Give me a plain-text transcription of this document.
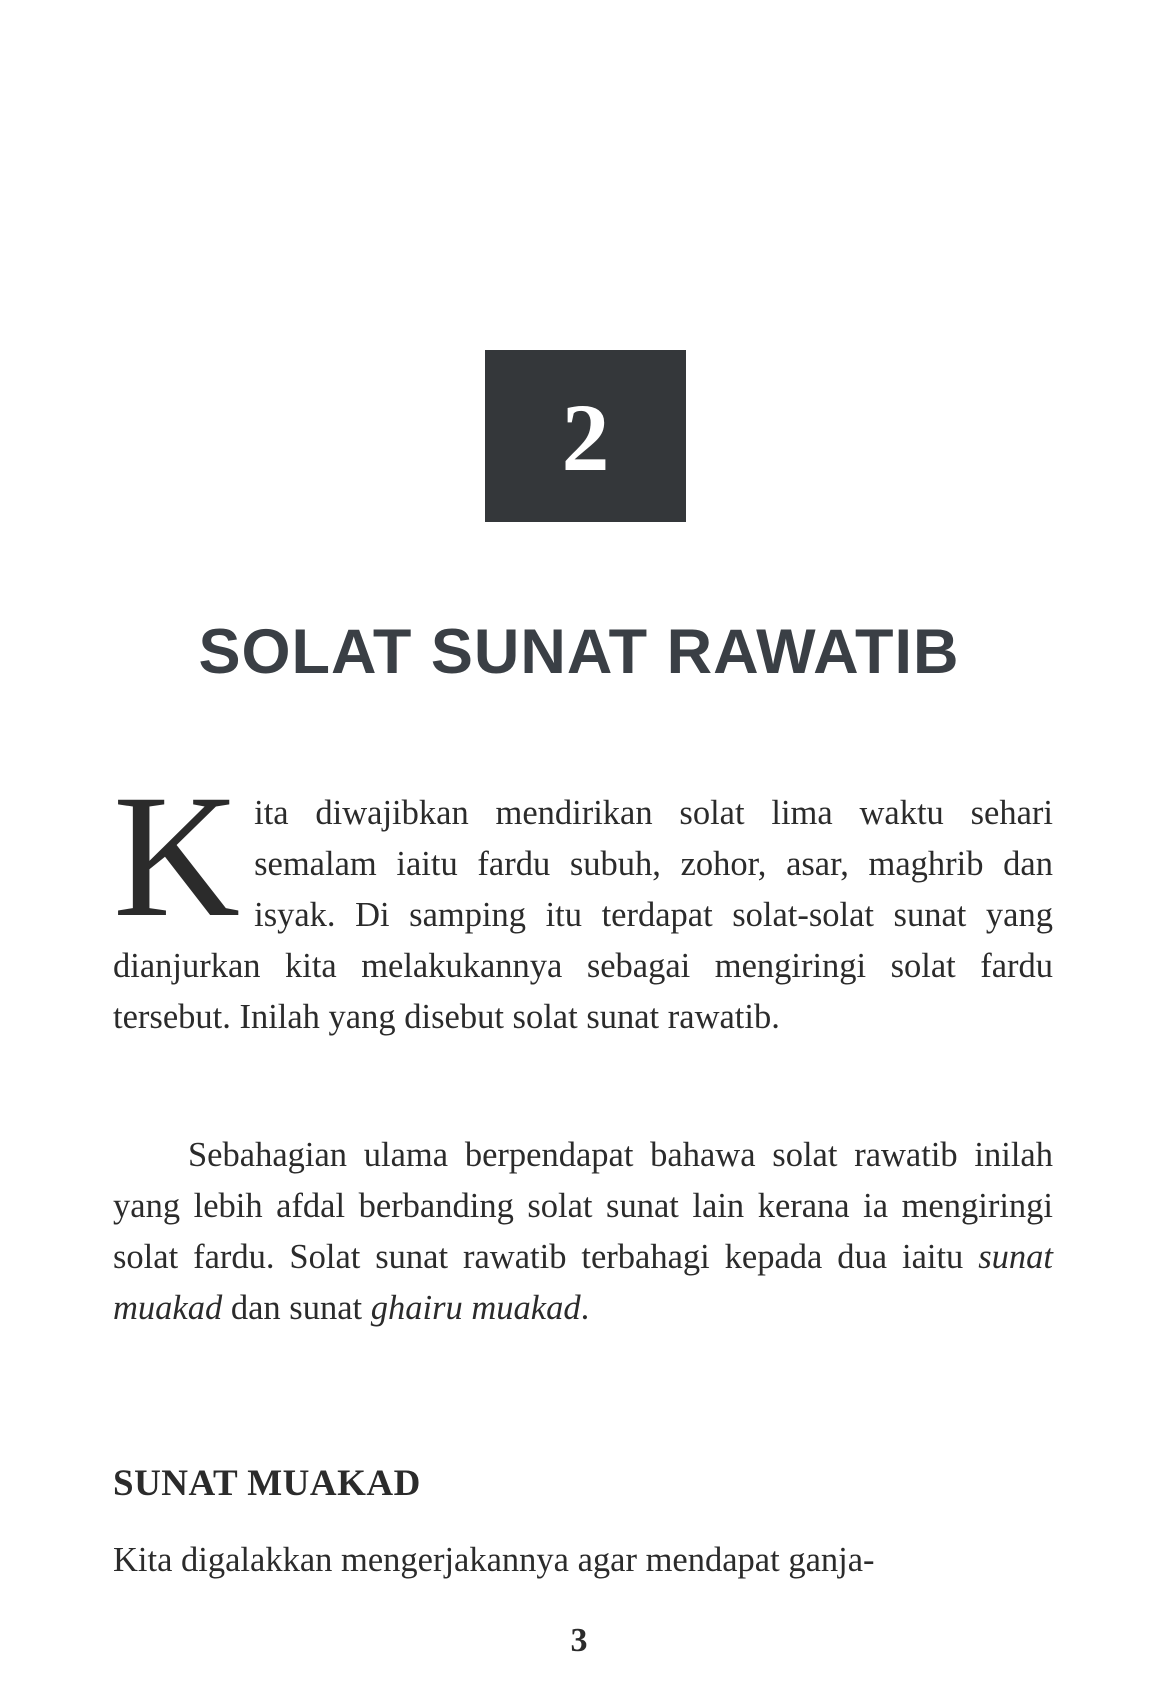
2
SOLAT SUNAT RAWATIB
Kita diwajibkan mendirikan solat lima waktu sehari semalam iaitu fardu subuh, zohor, asar, maghrib dan isyak. Di samping itu terdapat solat-solat sunat yang dianjurkan kita melakukannya sebagai mengiringi solat fardu tersebut. Inilah yang disebut solat sunat rawatib.
Sebahagian ulama berpendapat bahawa solat rawatib inilah yang lebih afdal berbanding solat sunat lain kerana ia mengiringi solat fardu. Solat sunat rawatib terbahagi kepada dua iaitu sunat muakad dan sunat ghairu muakad.
SUNAT MUAKAD
Kita digalakkan mengerjakannya agar mendapat ganja-
3
